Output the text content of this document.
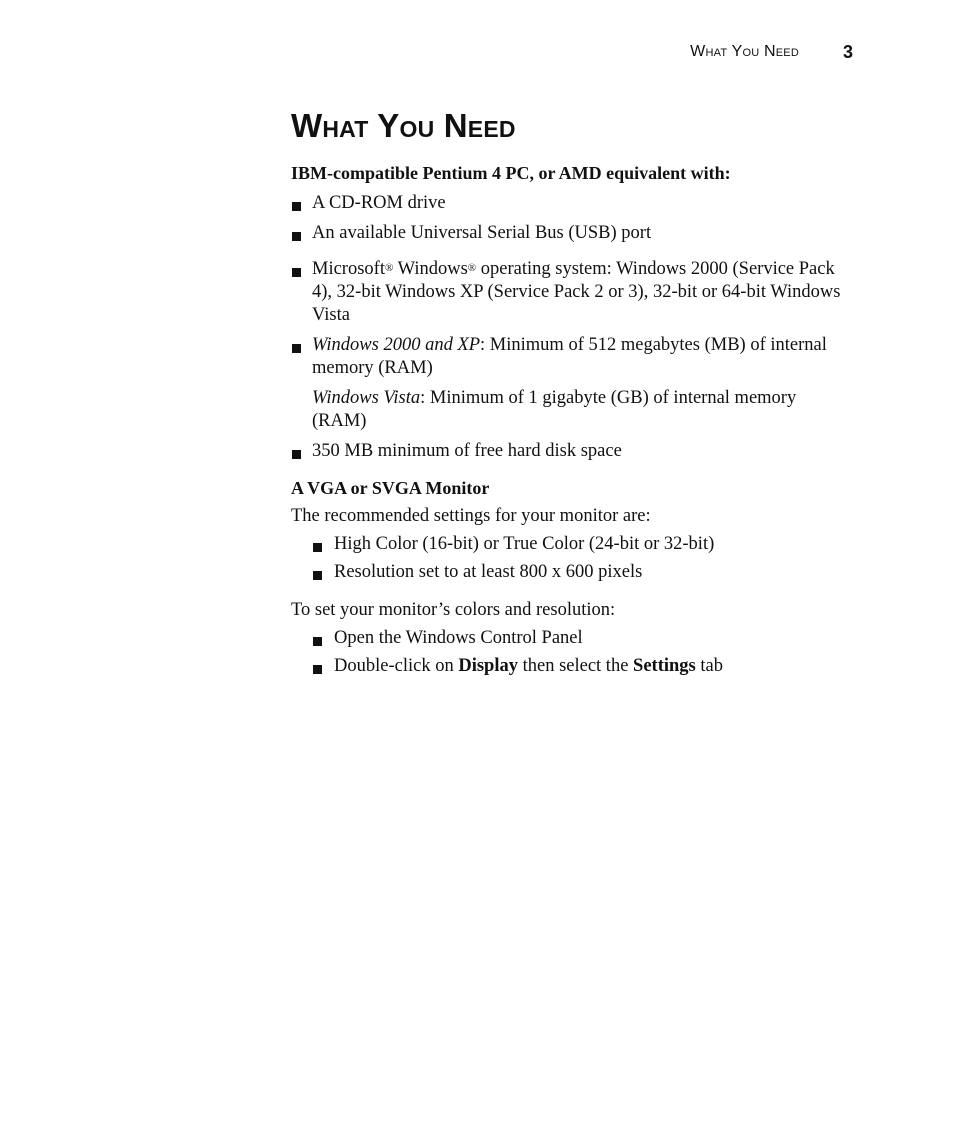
What You Need 3
What You Need

IBM-compatible Pentium 4 PC, or AMD equivalent with:

A CD-ROM drive
An available Universal Serial Bus (USB) port
Microsoft® Windows® operating system: Windows 2000 (Service Pack
4), 32-bit Windows XP (Service Pack 2 or 3), 32-bit or 64-bit Windows
Vista
Windows 2000 and XP: Minimum of 512 megabytes (MB) of internal
memory (RAM)
Windows Vista: Minimum of 1 gigabyte (GB) of internal memory
(RAM)
350 MB minimum of free hard disk space

A VGA or SVGA Monitor

The recommended settings for your monitor are:

High Color (16-bit) or True Color (24-bit or 32-bit)
Resolution set to at least 800 x 600 pixels

To set your monitor’s colors and resolution:

Open the Windows Control Panel
Double-click on Display then select the Settings tab
